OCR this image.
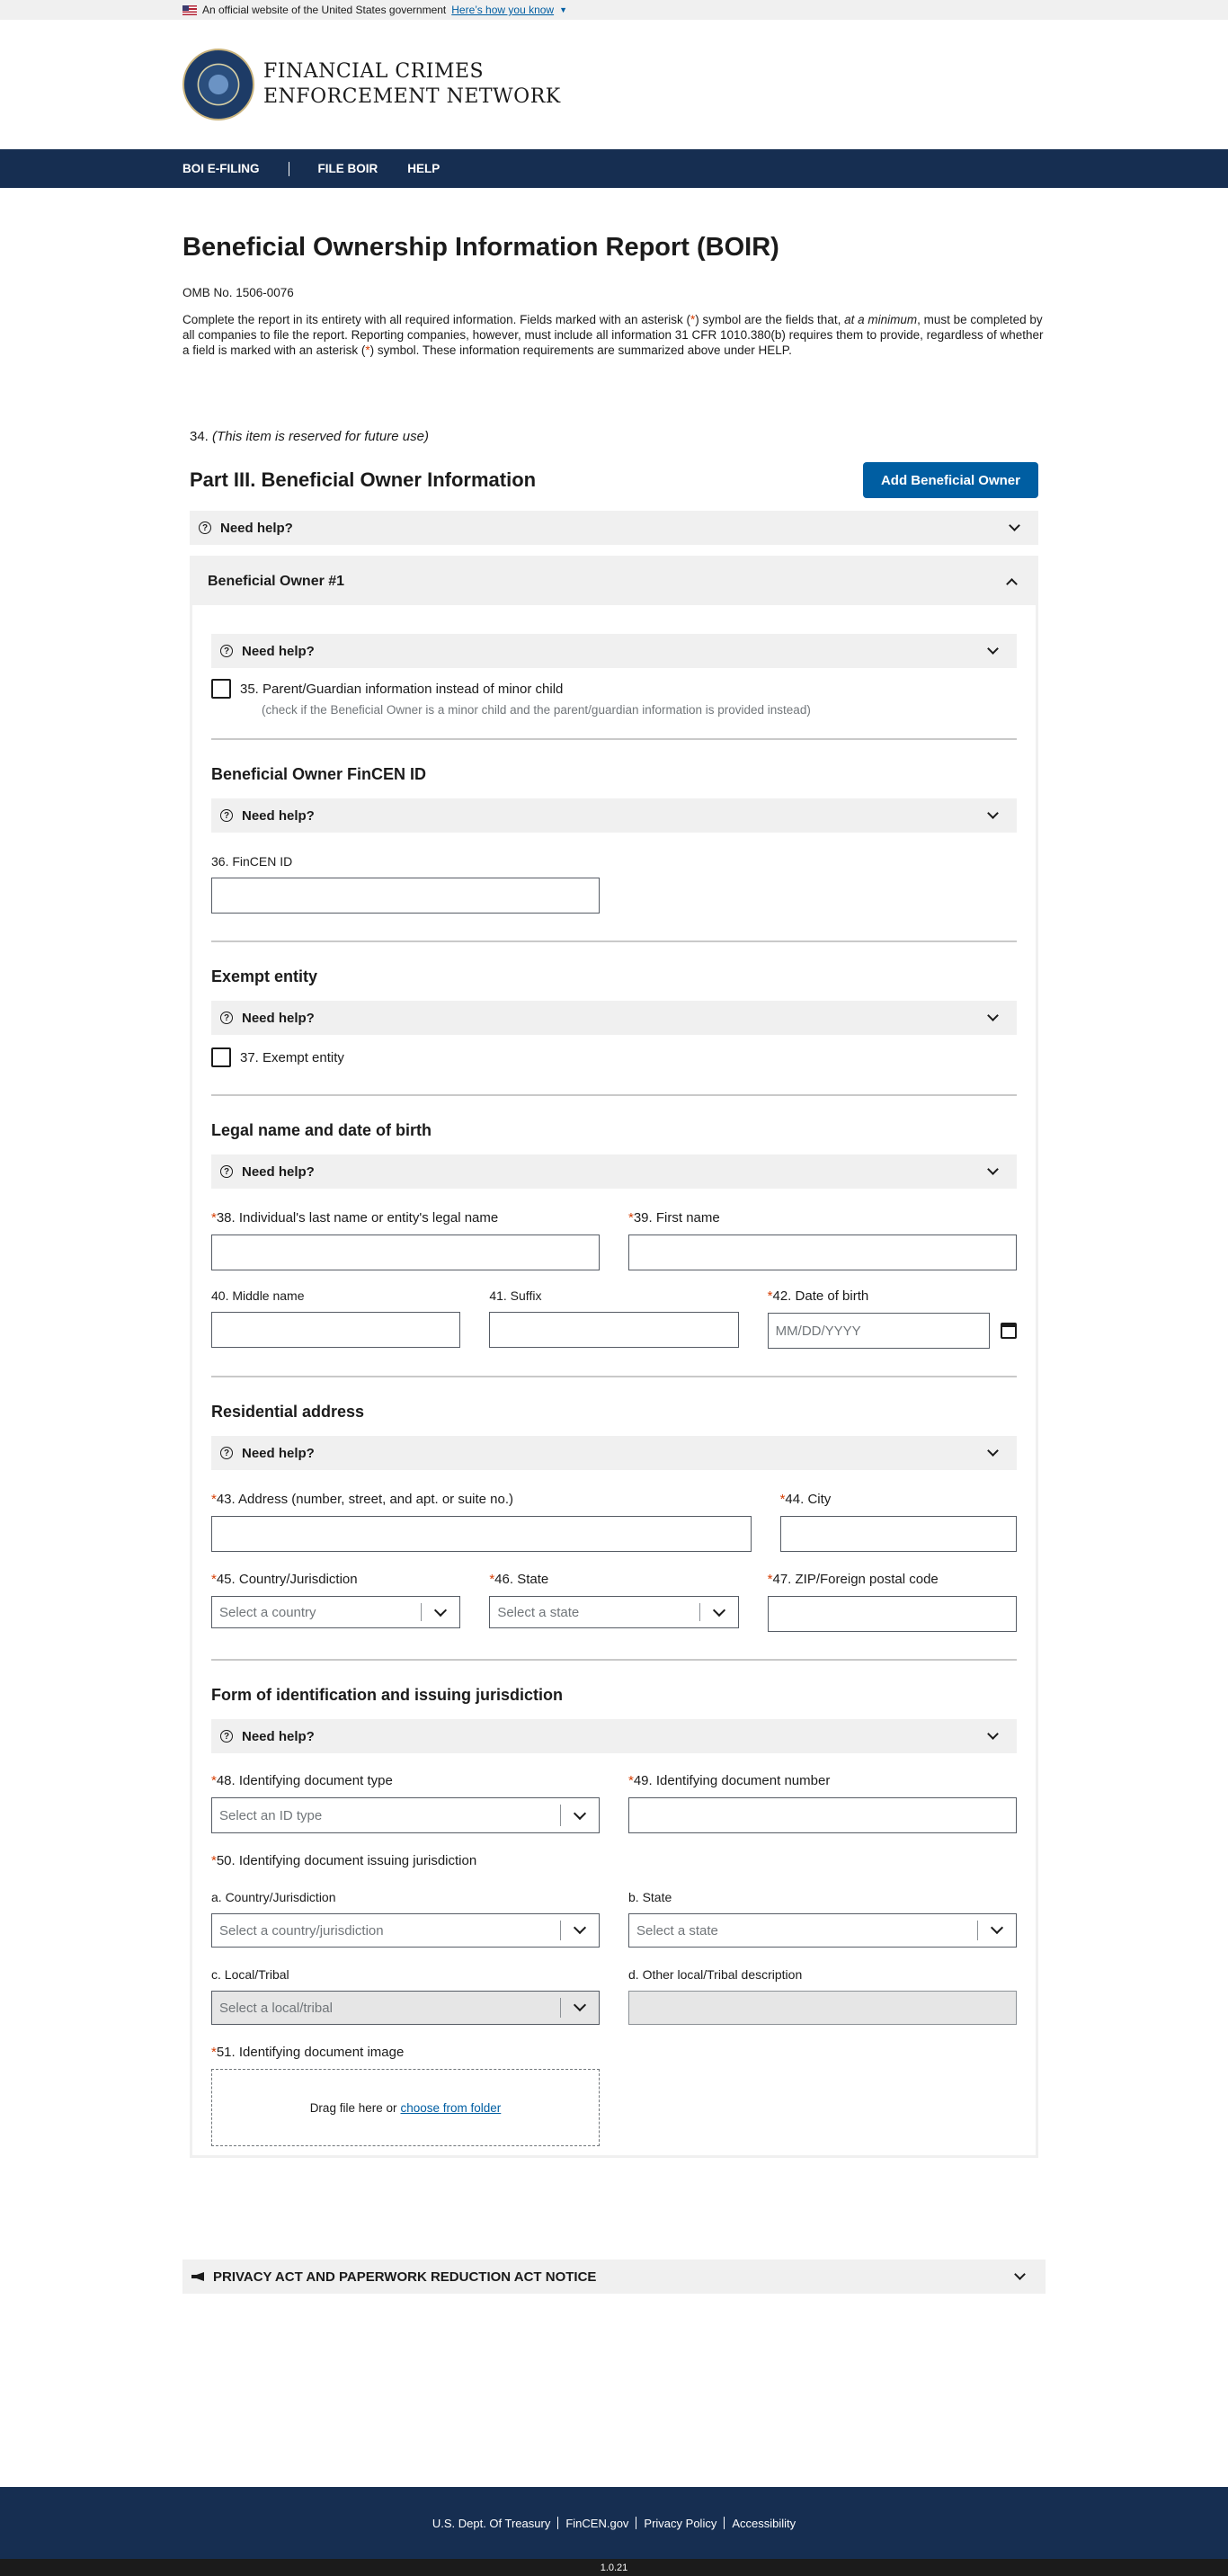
An official website of the United States government Here’s how you know ▼
FINANCIAL CRIMES
ENFORCEMENT NETWORK
BOI E-FILING	FILE BOIR HELP
Beneficial Ownership Information Report (BOIR)
OMB No. 1506-0076
Complete the report in its entirety with all required information. Fields marked with an asterisk (*) symbol are the fields that, at a minimum, must be completed by all companies to file the report. Reporting companies, however, must include all information 31 CFR 1010.380(b) requires them to provide, regardless of whether a field is marked with an asterisk (*) symbol. These information requirements are summarized above under HELP.
34. (This item is reserved for future use)
Part III. Beneficial Owner Information	Add Beneficial Owner
? Need help?
Beneficial Owner #1
? Need help?
35. Parent/Guardian information instead of minor child
(check if the Beneficial Owner is a minor child and the parent/guardian information is provided instead)
Beneficial Owner FinCEN ID
? Need help?
36. FinCEN ID
Exempt entity
? Need help?
37. Exempt entity
Legal name and date of birth
? Need help?
*38. Individual's last name or entity's legal name	*39. First name
40. Middle name	41. Suffix	*42. Date of birth
MM/DD/YYYY
Residential address
? Need help?
*43. Address (number, street, and apt. or suite no.)	*44. City
*45. Country/Jurisdiction
Select a country
*46. State
Select a state
*47. ZIP/Foreign postal code
Form of identification and issuing jurisdiction
? Need help?
*48. Identifying document type
Select an ID type
*49. Identifying document number
*50. Identifying document issuing jurisdiction
a. Country/Jurisdiction
Select a country/jurisdiction
b. State
Select a state
c. Local/Tribal
Select a local/tribal
d. Other local/Tribal description
*51. Identifying document image
Drag file here or choose from folder
PRIVACY ACT AND PAPERWORK REDUCTION ACT NOTICE
U.S. Dept. Of Treasury FinCEN.gov Privacy Policy Accessibility
1.0.21
